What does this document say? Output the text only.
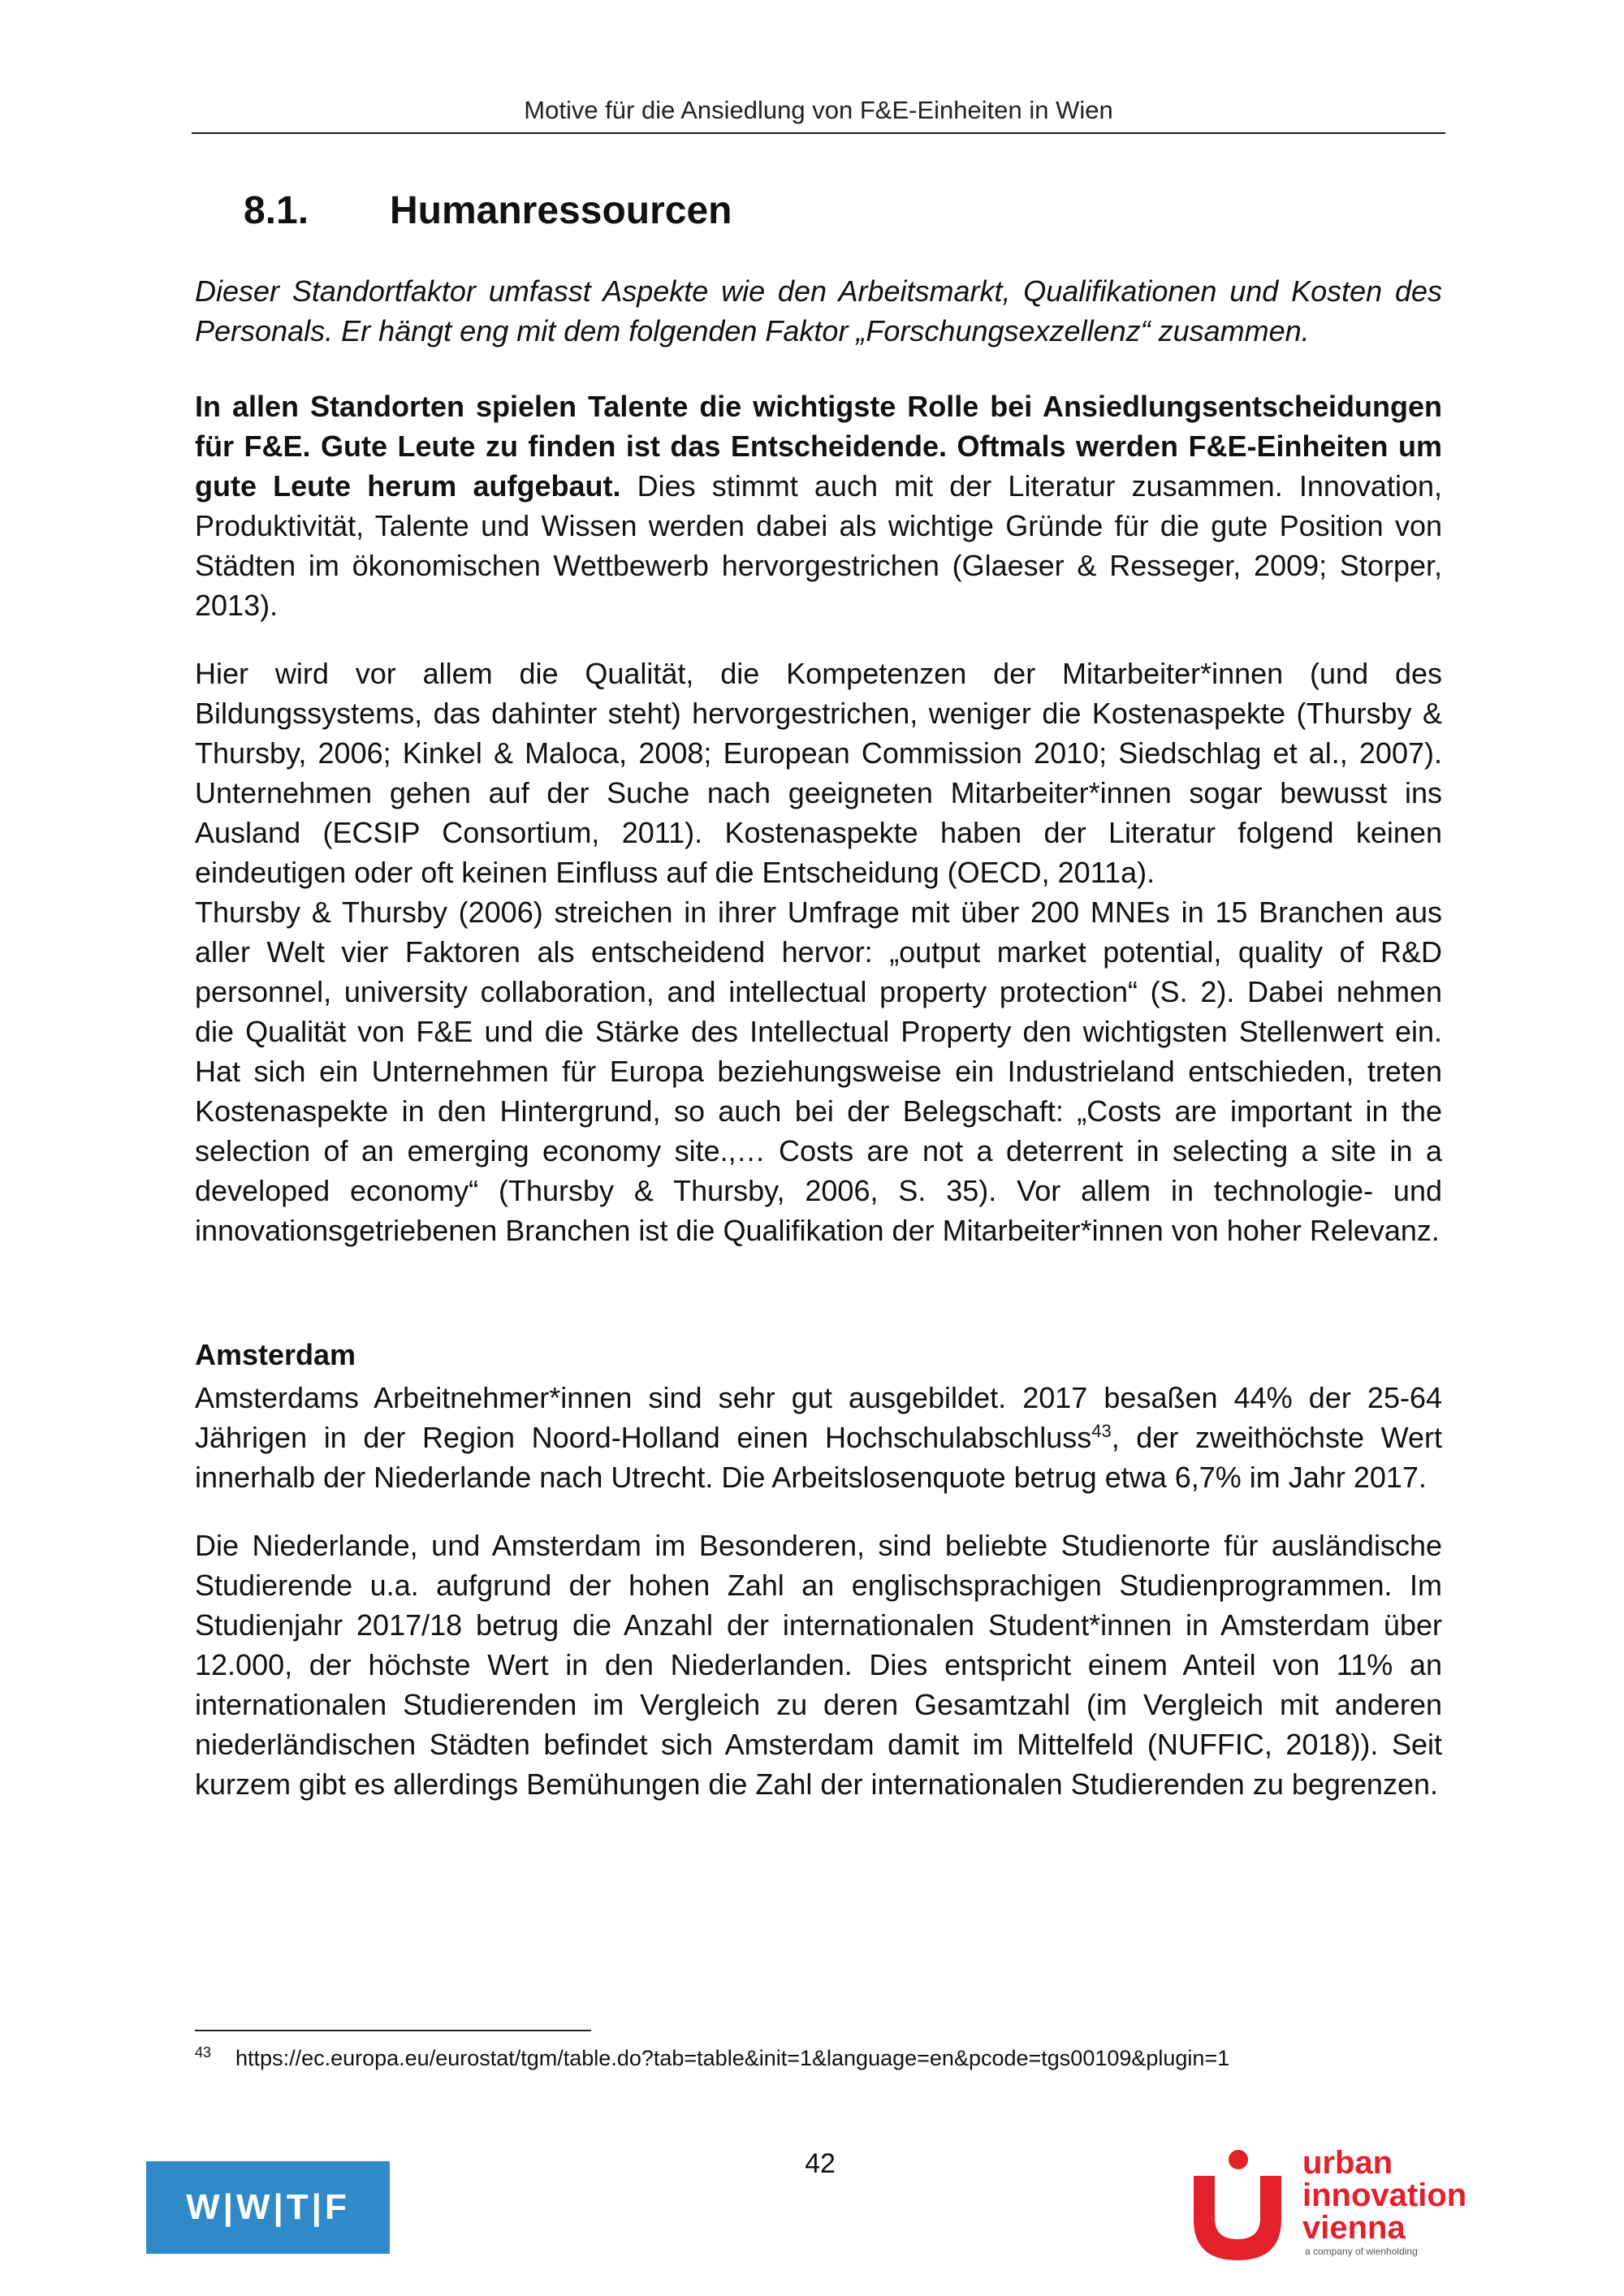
Motive für die Ansiedlung von F&E-Einheiten in Wien
8.1. Humanressourcen
Dieser Standortfaktor umfasst Aspekte wie den Arbeitsmarkt, Qualifikationen und Kosten des Personals. Er hängt eng mit dem folgenden Faktor „Forschungsexzellenz“ zusammen.

In allen Standorten spielen Talente die wichtigste Rolle bei Ansiedlungsentscheidungen für F&E. Gute Leute zu finden ist das Entscheidende. Oftmals werden F&E-Einheiten um gute Leute herum aufgebaut. Dies stimmt auch mit der Literatur zusammen. Innovation, Produktivität, Talente und Wissen werden dabei als wichtige Gründe für die gute Position von Städten im ökonomischen Wettbewerb hervorgestrichen (Glaeser & Resseger, 2009; Storper, 2013).

Hier wird vor allem die Qualität, die Kompetenzen der Mitarbeiter*innen (und des Bildungssystems, das dahinter steht) hervorgestrichen, weniger die Kostenaspekte (Thursby & Thursby, 2006; Kinkel & Maloca, 2008; European Commission 2010; Siedschlag et al., 2007). Unternehmen gehen auf der Suche nach geeigneten Mitarbeiter*innen sogar bewusst ins Ausland (ECSIP Consortium, 2011). Kostenaspekte haben der Literatur folgend keinen eindeutigen oder oft keinen Einfluss auf die Entscheidung (OECD, 2011a).

Thursby & Thursby (2006) streichen in ihrer Umfrage mit über 200 MNEs in 15 Branchen aus aller Welt vier Faktoren als entscheidend hervor: „output market potential, quality of R&D personnel, university collaboration, and intellectual property protection“ (S. 2). Dabei nehmen die Qualität von F&E und die Stärke des Intellectual Property den wichtigsten Stellenwert ein. Hat sich ein Unternehmen für Europa beziehungsweise ein Industrieland entschieden, treten Kostenaspekte in den Hintergrund, so auch bei der Belegschaft: „Costs are important in the selection of an emerging economy site.,… Costs are not a deterrent in selecting a site in a developed economy“ (Thursby & Thursby, 2006, S. 35). Vor allem in technologie- und innovationsgetriebenen Branchen ist die Qualifikation der Mitarbeiter*innen von hoher Relevanz.

Amsterdam

Amsterdams Arbeitnehmer*innen sind sehr gut ausgebildet. 2017 besaßen 44% der 25-64 Jährigen in der Region Noord-Holland einen Hochschulabschluss$^{43}$, der zweithöchste Wert innerhalb der Niederlande nach Utrecht. Die Arbeitslosenquote betrug etwa 6,7% im Jahr 2017.

Die Niederlande, und Amsterdam im Besonderen, sind beliebte Studienorte für ausländische Studierende u.a. aufgrund der hohen Zahl an englischsprachigen Studienprogrammen. Im Studienjahr 2017/18 betrug die Anzahl der internationalen Student*innen in Amsterdam über 12.000, der höchste Wert in den Niederlanden. Dies entspricht einem Anteil von 11% an internationalen Studierenden im Vergleich zu deren Gesamtzahl (im Vergleich mit anderen niederländischen Städten befindet sich Amsterdam damit im Mittelfeld (NUFFIC, 2018)). Seit kurzem gibt es allerdings Bemühungen die Zahl der internationalen Studierenden zu begrenzen.

$^{43}$ https://ec.europa.eu/eurostat/tgm/table.do?tab=table&init=1&language=en&pcode=tgs00109&plugin=1
42
W|W|T|F
urban
innovation
vienna
a company of wienholding
